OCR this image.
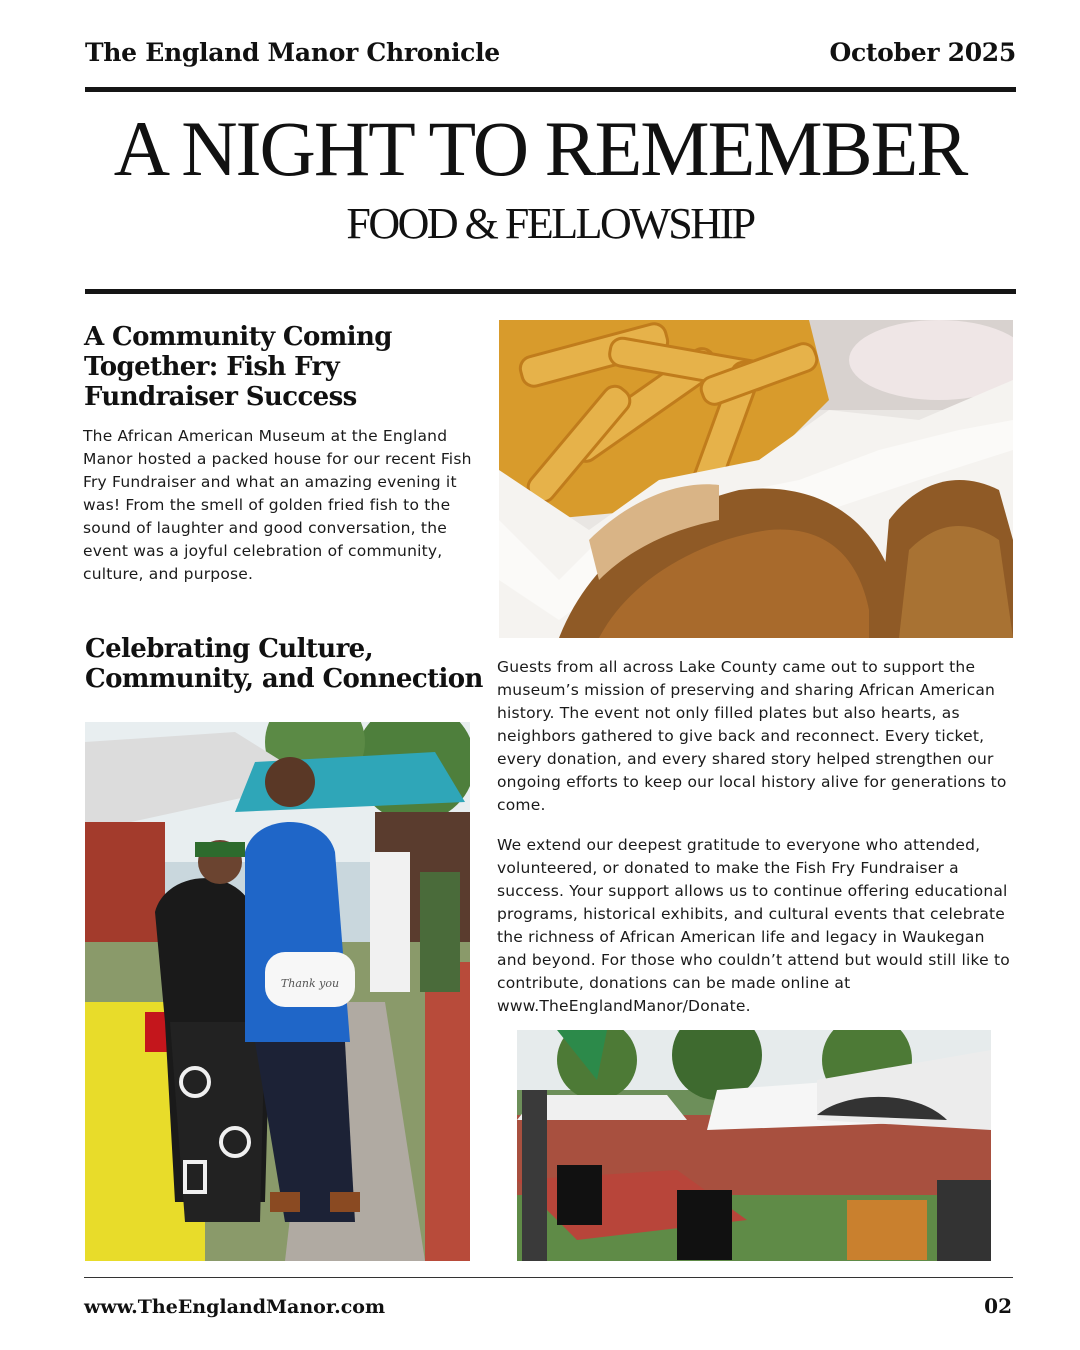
The England Manor Chronicle	October 2025
A NIGHT TO REMEMBER
FOOD & FELLOWSHIP
A Community Coming
Together: Fish Fry
Fundraiser Success

The African American Museum at the England Manor hosted a packed house for our recent Fish Fry Fundraiser and what an amazing evening it was! From the smell of golden fried fish to the sound of laughter and good conversation, the event was a joyful celebration of community, culture, and purpose.

Celebrating Culture,
Community, and Connection Guests from all across Lake County came out to support the museum’s mission of preserving and sharing African American history. The event not only filled plates but also hearts, as neighbors gathered to give back and reconnect. Every ticket, every donation, and every shared story helped strengthen our ongoing efforts to keep our local history alive for generations to come.

We extend our deepest gratitude to everyone who attended, volunteered, or donated to make the Fish Fry Fundraiser a success. Your support allows us to continue offering educational programs, historical exhibits, and cultural events that celebrate the richness of African American life and legacy in Waukegan and beyond. For those who couldn’t attend but would still like to contribute, donations can be made online at www.TheEnglandManor/Donate.

Thank you
www.TheEnglandManor.com	02
